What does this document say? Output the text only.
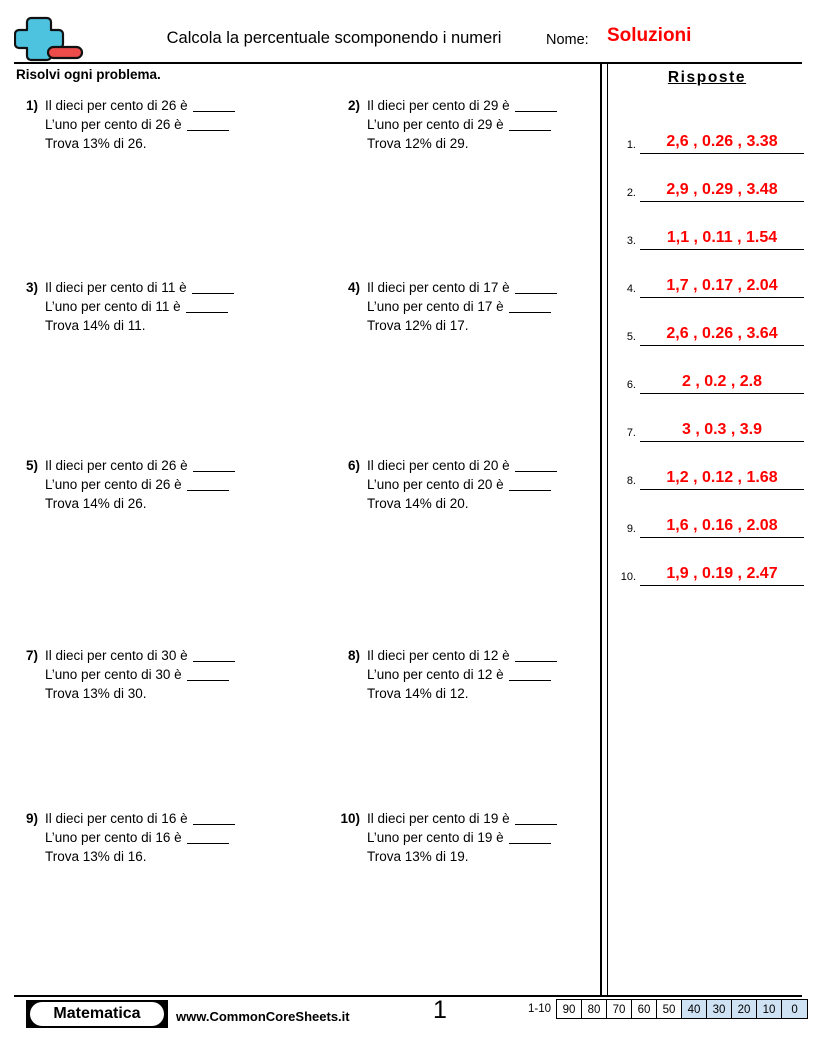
Calcola la percentuale scomponendo i numeri	Nome: Soluzioni
Risolvi ogni problema.
1) Il dieci per cento di 26 è
L’uno per cento di 26 è
Trova 13% di 26.
2) Il dieci per cento di 29 è
L’uno per cento di 29 è
Trova 12% di 29.
3) Il dieci per cento di 11 è
L’uno per cento di 11 è
Trova 14% di 11.
4) Il dieci per cento di 17 è
L’uno per cento di 17 è
Trova 12% di 17.
5) Il dieci per cento di 26 è
L’uno per cento di 26 è
Trova 14% di 26.
6) Il dieci per cento di 20 è
L’uno per cento di 20 è
Trova 14% di 20.
7) Il dieci per cento di 30 è
L’uno per cento di 30 è
Trova 13% di 30.
8) Il dieci per cento di 12 è
L’uno per cento di 12 è
Trova 14% di 12.
9) Il dieci per cento di 16 è
L’uno per cento di 16 è
Trova 13% di 16.
10) Il dieci per cento di 19 è
L’uno per cento di 19 è
Trova 13% di 19.
Risposte
1.	2,6 , 0.26 , 3.38
2.	2,9 , 0.29 , 3.48
3.	1,1 , 0.11 , 1.54
4.	1,7 , 0.17 , 2.04
5.	2,6 , 0.26 , 3.64
6.	2 , 0.2 , 2.8
7.	3 , 0.3 , 3.9
8.	1,2 , 0.12 , 1.68
9.	1,6 , 0.16 , 2.08
10.	1,9 , 0.19 , 2.47
Matematica	www.CommonCoreSheets.it	1	1-10	90	80	70	60	50	40	30	20	10	0
